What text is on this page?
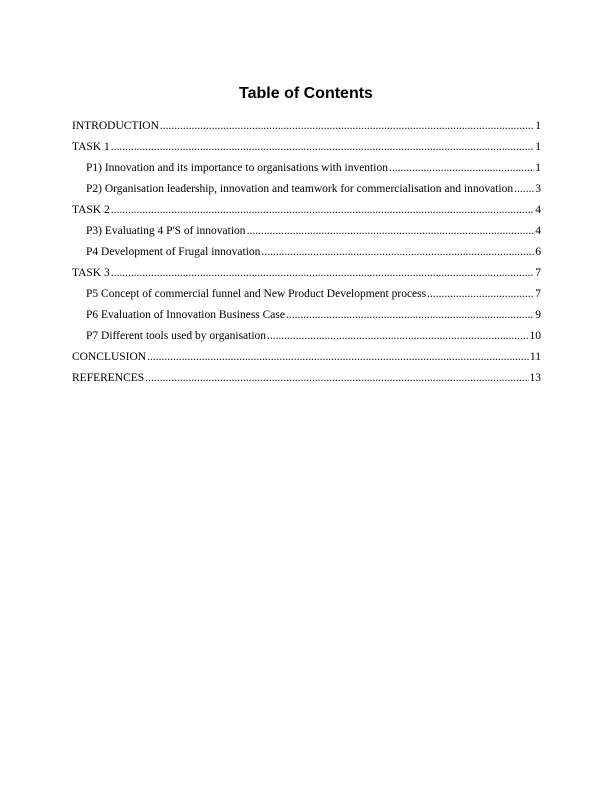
Table of Contents
INTRODUCTION .....	1
TASK 1 .....	1
P1) Innovation and its importance to organisations with invention .....	1
P2) Organisation leadership, innovation and teamwork for commercialisation and innovation ..... 3
TASK 2 .....	4
P3) Evaluating 4 P'S of innovation .....	4
P4 Development of Frugal innovation .....	6
TASK 3 .....	7
P5 Concept of commercial funnel and New Product Development process .....	7
P6 Evaluation of Innovation Business Case .....	9
P7 Different tools used by organisation .....	10
CONCLUSION .....	11
REFERENCES .....	13
